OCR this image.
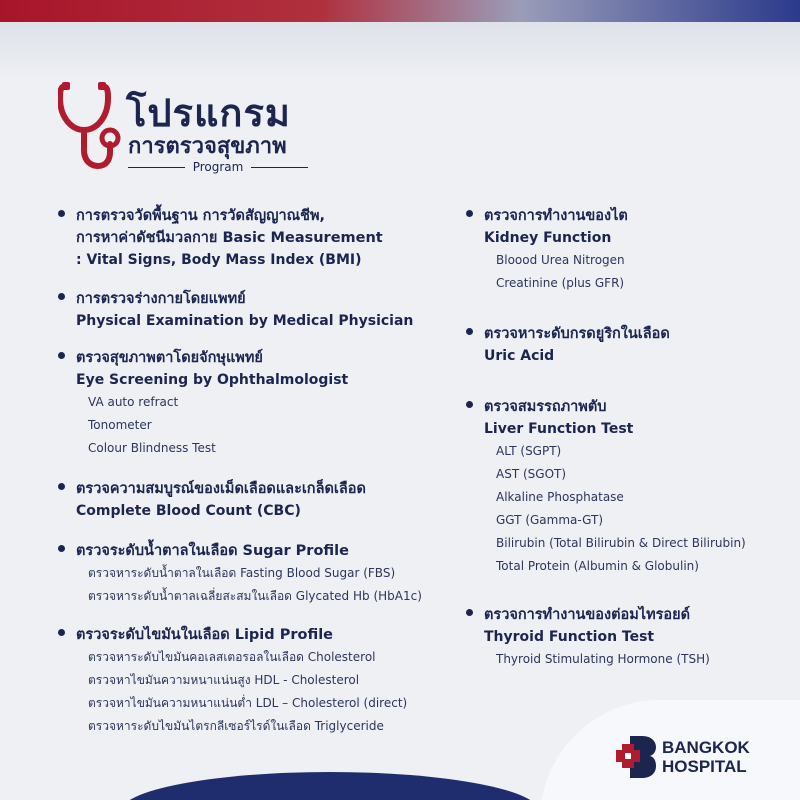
โปรแกรม
การตรวจสุขภาพ
Program
การตรวจวัดพื้นฐาน การวัดสัญญาณชีพ,
การหาค่าดัชนีมวลกาย Basic Measurement
: Vital Signs, Body Mass Index (BMI)
การตรวจร่างกายโดยแพทย์
Physical Examination by Medical Physician
ตรวจสุขภาพตาโดยจักษุแพทย์
Eye Screening by Ophthalmologist
VA auto refract
Tonometer
Colour Blindness Test
ตรวจความสมบูรณ์ของเม็ดเลือดและเกล็ดเลือด
Complete Blood Count (CBC)
ตรวจระดับน้ำตาลในเลือด Sugar Profile
ตรวจหาระดับน้ำตาลในเลือด Fasting Blood Sugar (FBS)
ตรวจหาระดับน้ำตาลเฉลี่ยสะสมในเลือด Glycated Hb (HbA1c)
ตรวจระดับไขมันในเลือด Lipid Profile
ตรวจหาระดับไขมันคอเลสเตอรอลในเลือด Cholesterol
ตรวจหาไขมันความหนาแน่นสูง HDL - Cholesterol
ตรวจหาไขมันความหนาแน่นต่ำ LDL – Cholesterol (direct)
ตรวจหาระดับไขมันไตรกลีเซอร์ไรด์ในเลือด Triglyceride
ตรวจการทำงานของไต
Kidney Function
Bloood Urea Nitrogen
Creatinine (plus GFR)
ตรวจหาระดับกรดยูริกในเลือด
Uric Acid
ตรวจสมรรถภาพตับ
Liver Function Test
ALT (SGPT)
AST (SGOT)
Alkaline Phosphatase
GGT (Gamma-GT)
Bilirubin (Total Bilirubin & Direct Bilirubin)
Total Protein (Albumin & Globulin)
ตรวจการทำงานของต่อมไทรอยด์
Thyroid Function Test
Thyroid Stimulating Hormone (TSH)
BANGKOK
HOSPITAL
